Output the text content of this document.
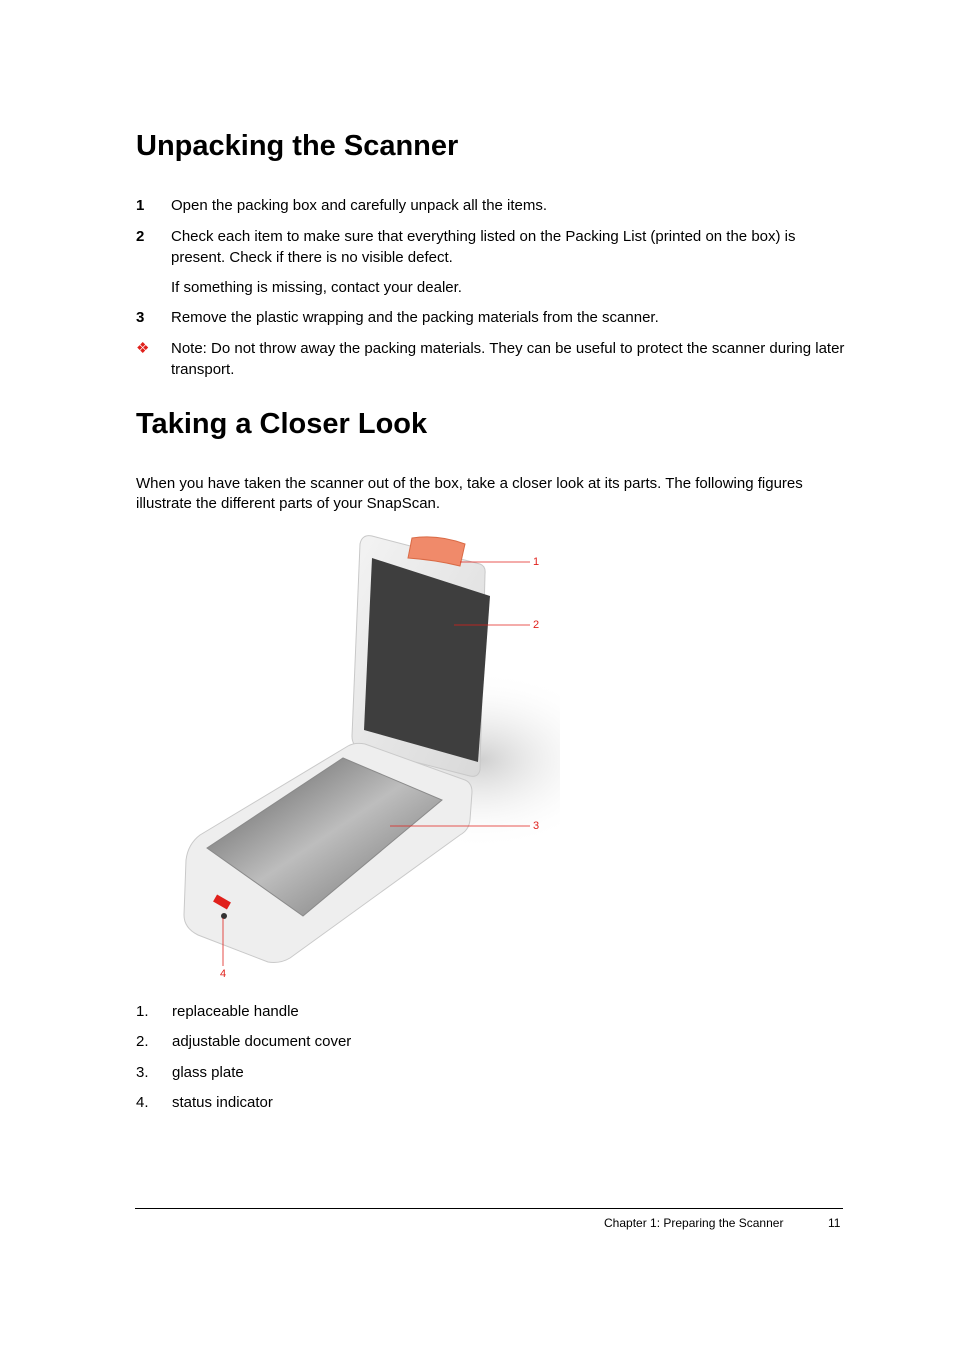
Unpacking the Scanner
1 Open the packing box and carefully unpack all the items.
2 Check each item to make sure that everything listed on the Packing List (printed on the box) is present. Check if there is no visible defect.
If something is missing, contact your dealer.
3 Remove the plastic wrapping and the packing materials from the scanner.
❖ Note: Do not throw away the packing materials. They can be useful to protect the scanner during later transport.
Taking a Closer Look
When you have taken the scanner out of the box, take a closer look at its parts. The following figures illustrate the different parts of your SnapScan.
1
2
3
4
1. replaceable handle
2. adjustable document cover
3. glass plate
4. status indicator
Chapter 1: Preparing the Scanner	11
